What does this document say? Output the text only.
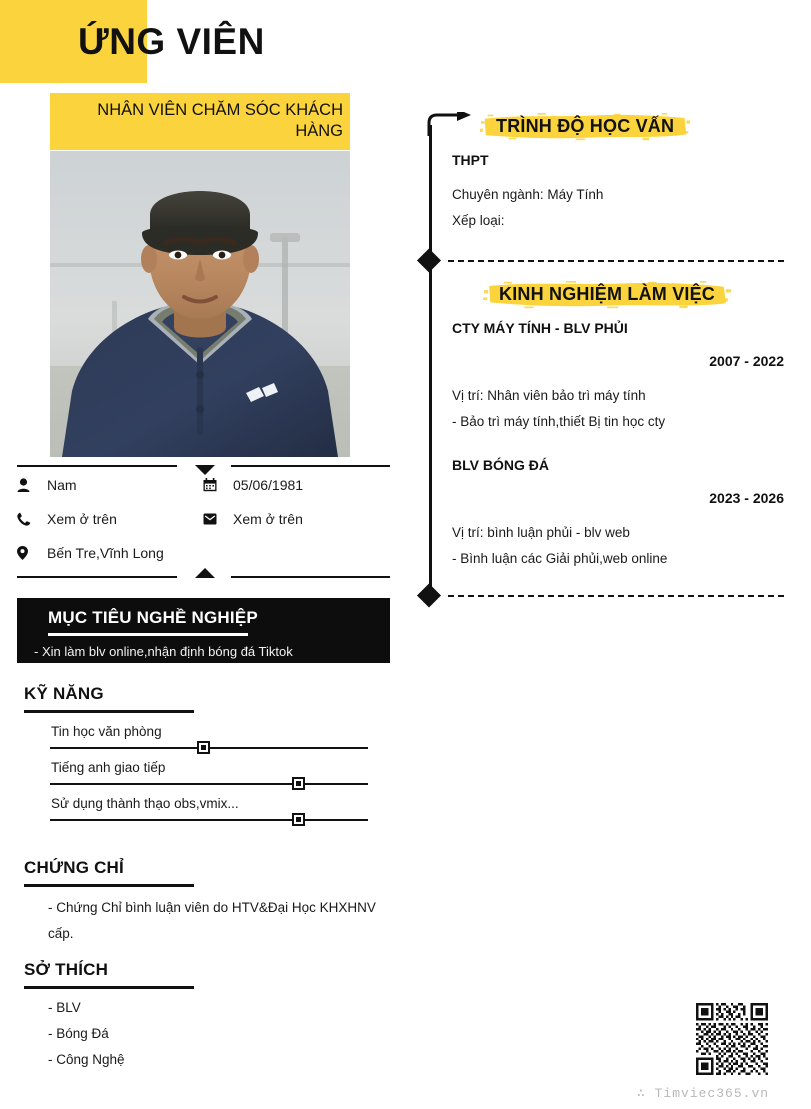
ỨNG VIÊN
NHÂN VIÊN CHĂM SÓC KHÁCH HÀNG
Nam	05/06/1981
Xem ở trên	Xem ở trên
Bến Tre,Vĩnh Long
MỤC TIÊU NGHỀ NGHIỆP
- Xin làm blv online,nhận định bóng đá Tiktok
KỸ NĂNG
Tin học văn phòng
Tiếng anh giao tiếp
Sử dụng thành thạo obs,vmix...
CHỨNG CHỈ
- Chứng Chỉ bình luận viên do HTV&Đại Học KHXHNV cấp.
SỞ THÍCH
- BLV
- Bóng Đá
- Công Nghệ
TRÌNH ĐỘ HỌC VẤN
THPT
Chuyên ngành: Máy Tính
Xếp loại:
KINH NGHIỆM LÀM VIỆC
CTY MÁY TÍNH - BLV PHỦI
2007 - 2022
Vị trí: Nhân viên bảo trì máy tính
- Bảo trì máy tính,thiết Bị tin học cty
BLV BÓNG ĐÁ
2023 - 2026
Vị trí: bình luận phủi - blv web
- Bình luận các Giải phủi,web online
∴ Timviec365.vn
